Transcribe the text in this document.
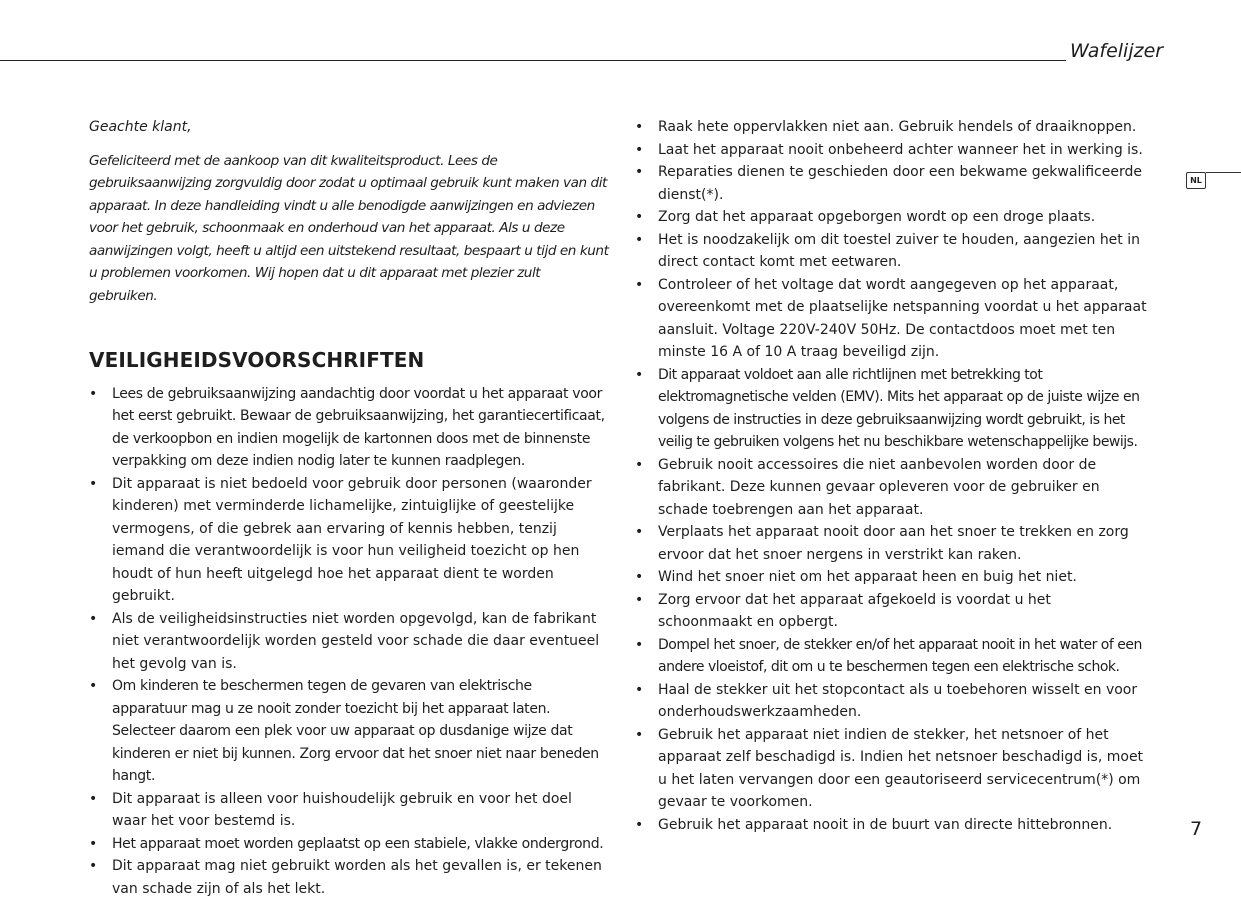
Wafelijzer
NL

Geachte klant,

Gefeliciteerd met de aankoop van dit kwaliteitsproduct. Lees de gebruiksaanwijzing zorgvuldig door zodat u optimaal gebruik kunt maken van dit apparaat. In deze handleiding vindt u alle benodigde aanwijzingen en adviezen voor het gebruik, schoonmaak en onderhoud van het apparaat. Als u deze aanwijzingen volgt, heeft u altijd een uitstekend resultaat, bespaart u tijd en kunt u problemen voorkomen. Wij hopen dat u dit apparaat met plezier zult gebruiken.

VEILIGHEIDSVOORSCHRIFTEN
• Lees de gebruiksaanwijzing aandachtig door voordat u het apparaat voor het eerst gebruikt. Bewaar de gebruiksaanwijzing, het garantiecertificaat, de verkoopbon en indien mogelijk de kartonnen doos met de binnenste verpakking om deze indien nodig later te kunnen raadplegen.
• Dit apparaat is niet bedoeld voor gebruik door personen (waaronder kinderen) met verminderde lichamelijke, zintuiglijke of geestelijke vermogens, of die gebrek aan ervaring of kennis hebben, tenzij iemand die verantwoordelijk is voor hun veiligheid toezicht op hen houdt of hun heeft uitgelegd hoe het apparaat dient te worden gebruikt.
• Als de veiligheidsinstructies niet worden opgevolgd, kan de fabrikant niet verantwoordelijk worden gesteld voor schade die daar eventueel het gevolg van is.
• Om kinderen te beschermen tegen de gevaren van elektrische apparatuur mag u ze nooit zonder toezicht bij het apparaat laten. Selecteer daarom een plek voor uw apparaat op dusdanige wijze dat kinderen er niet bij kunnen. Zorg ervoor dat het snoer niet naar beneden hangt.
• Dit apparaat is alleen voor huishoudelijk gebruik en voor het doel waar het voor bestemd is.
• Het apparaat moet worden geplaatst op een stabiele, vlakke ondergrond.
• Dit apparaat mag niet gebruikt worden als het gevallen is, er tekenen van schade zijn of als het lekt.
• Raak hete oppervlakken niet aan. Gebruik hendels of draaiknoppen.
• Laat het apparaat nooit onbeheerd achter wanneer het in werking is.
• Reparaties dienen te geschieden door een bekwame gekwalificeerde dienst(*).
• Zorg dat het apparaat opgeborgen wordt op een droge plaats.
• Het is noodzakelijk om dit toestel zuiver te houden, aangezien het in direct contact komt met eetwaren.
• Controleer of het voltage dat wordt aangegeven op het apparaat, overeenkomt met de plaatselijke netspanning voordat u het apparaat aansluit. Voltage 220V-240V 50Hz. De contactdoos moet met ten minste 16 A of 10 A traag beveiligd zijn.
• Dit apparaat voldoet aan alle richtlijnen met betrekking tot elektromagnetische velden (EMV). Mits het apparaat op de juiste wijze en volgens de instructies in deze gebruiksaanwijzing wordt gebruikt, is het veilig te gebruiken volgens het nu beschikbare wetenschappelijke bewijs.
• Gebruik nooit accessoires die niet aanbevolen worden door de fabrikant. Deze kunnen gevaar opleveren voor de gebruiker en schade toebrengen aan het apparaat.
• Verplaats het apparaat nooit door aan het snoer te trekken en zorg ervoor dat het snoer nergens in verstrikt kan raken.
• Wind het snoer niet om het apparaat heen en buig het niet.
• Zorg ervoor dat het apparaat afgekoeld is voordat u het schoonmaakt en opbergt.
• Dompel het snoer, de stekker en/of het apparaat nooit in het water of een andere vloeistof, dit om u te beschermen tegen een elektrische schok.
• Haal de stekker uit het stopcontact als u toebehoren wisselt en voor onderhoudswerkzaamheden.
• Gebruik het apparaat niet indien de stekker, het netsnoer of het apparaat zelf beschadigd is. Indien het netsnoer beschadigd is, moet u het laten vervangen door een geautoriseerd servicecentrum(*) om gevaar te voorkomen.
• Gebruik het apparaat nooit in de buurt van directe hittebronnen.	7
